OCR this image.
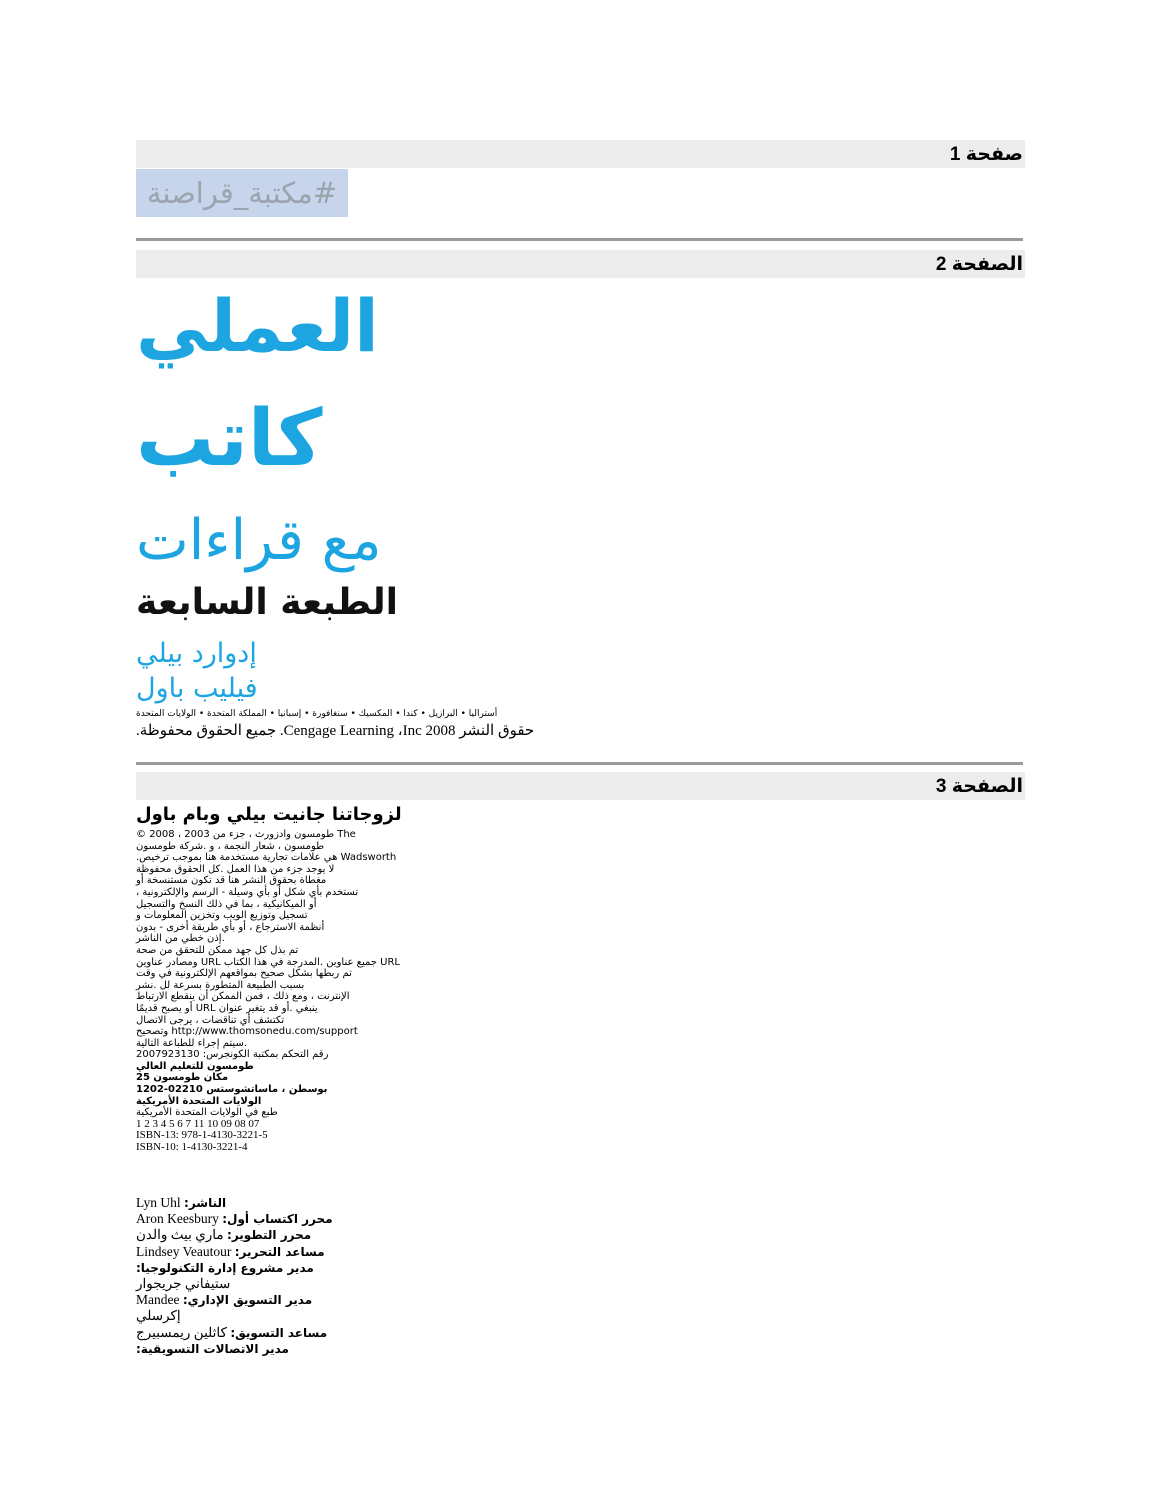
صفحة 1
#مكتبة_قراصنة
الصفحة 2
العملي
كاتب
مع قراءات
الطبعة السابعة
إدوارد بيلي
فيليب باول
أستراليا • البرازيل • كندا • المكسيك • سنغافورة • إسبانيا • المملكة المتحدة • الولايات المتحدة
حقوق النشر 2008 Cengage Learning ،Inc. جميع الحقوق محفوظة.
الصفحة 3
لزوجاتنا جانيت بيلي وبام باول
The طومسون وادزورث ، جزء من 2003 ، 2008 ©
طومسون ، شعار النجمة ، و .شركة طومسون
Wadsworth هي علامات تجارية مستخدمة هنا بموجب ترخيص.
لا يوجد جزء من هذا العمل .كل الحقوق محفوظة
مغطاة بحقوق النشر هنا قد تكون مستنسخة أو
تستخدم بأي شكل أو بأي وسيلة - الرسم والإلكترونية ،
أو الميكانيكية ، بما في ذلك النسخ والتسجيل
تسجيل وتوزيع الويب وتخزين المعلومات و
أنظمة الاسترجاع ، أو بأي طريقة أخرى - بدون
.إذن خطي من الناشر
تم بذل كل جهد ممكن للتحقق من صحة
URL جميع عناوين .المدرجة في هذا الكتاب URL ومصادر عناوين
تم ربطها بشكل صحيح بمواقعهم الإلكترونية في وقت
بسبب الطبيعة المتطورة بسرعة لل .نشر
الإنترنت ، ومع ذلك ، فمن الممكن أن ينقطع الارتباط
ينبغي .أو قد يتغير عنوان URL أو يصبح قديمًا
تكتشف أي تناقضات ، يرجى الاتصال
http://www.thomsonedu.com/support وتصحيح
.سيتم إجراء للطباعة التالية
رقم التحكم بمكتبة الكونجرس: 2007923130
طومسون للتعليم العالي
مكان طومسون 25
بوسطن ، ماساتشوستس 02210-1202
الولايات المتحدة الأمريكية
طبع في الولايات المتحدة الأمريكية
1 2 3 4 5 6 7 11 10 09 08 07
ISBN-13: 978-1-4130-3221-5
ISBN-10: 1-4130-3221-4
الناشر: Lyn Uhl
محرر اكتساب أول: Aron Keesbury
محرر التطوير: ماري بيث والدن
مساعد التحرير: Lindsey Veautour
مدير مشروع إدارة التكنولوجيا:
ستيفاني جريجوار
مدير التسويق الإداري: Mandee
إكرسلي
مساعد التسويق: كاثلين ريمسبيرج
مدير الاتصالات التسويقية:
